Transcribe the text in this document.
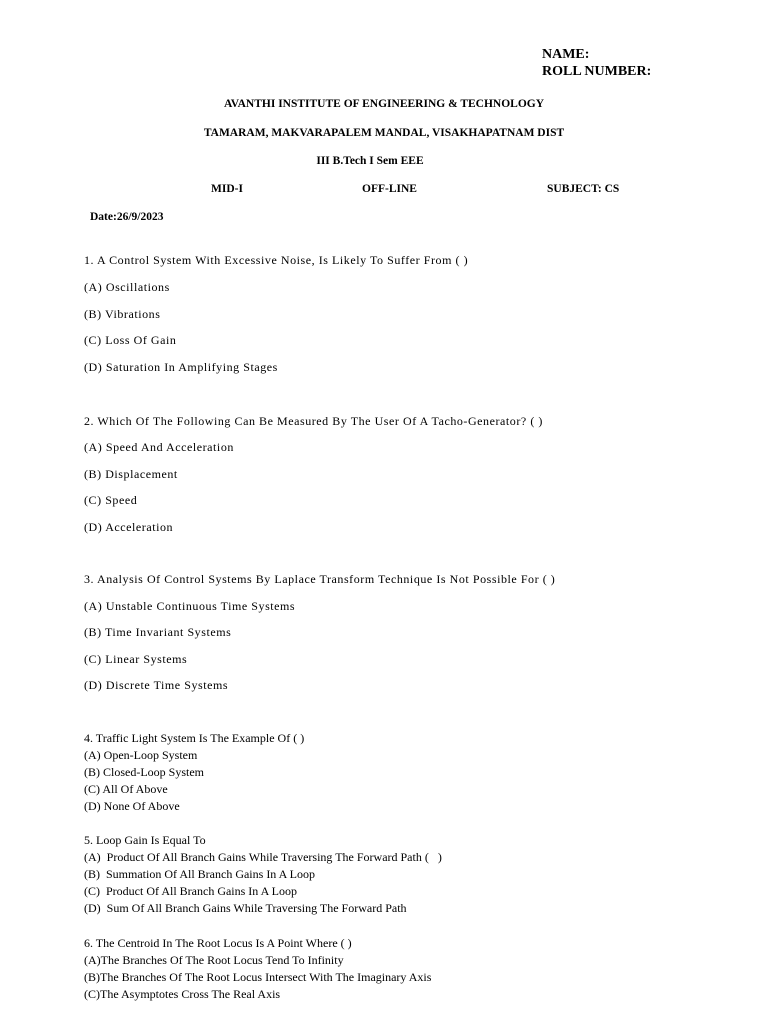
NAME:
ROLL NUMBER:
AVANTHI INSTITUTE OF ENGINEERING & TECHNOLOGY
TAMARAM, MAKVARAPALEM MANDAL, VISAKHAPATNAM DIST
III B.Tech I Sem EEE
MID-I	OFF-LINE	SUBJECT: CS
Date:26/9/2023
1. A Control System With Excessive Noise, Is Likely To Suffer From ( )
(A) Oscillations
(B) Vibrations
(C) Loss Of Gain
(D) Saturation In Amplifying Stages
2. Which Of The Following Can Be Measured By The User Of A Tacho-Generator? ( )
(A) Speed And Acceleration
(B) Displacement
(C) Speed
(D) Acceleration
3. Analysis Of Control Systems By Laplace Transform Technique Is Not Possible For ( )
(A) Unstable Continuous Time Systems
(B) Time Invariant Systems
(C) Linear Systems
(D) Discrete Time Systems
4. Traffic Light System Is The Example Of ( )
(A) Open-Loop System
(B) Closed-Loop System
(C) All Of Above
(D) None Of Above
5. Loop Gain Is Equal To
(A)  Product Of All Branch Gains While Traversing The Forward Path (   )
(B)  Summation Of All Branch Gains In A Loop
(C)  Product Of All Branch Gains In A Loop
(D)  Sum Of All Branch Gains While Traversing The Forward Path
6. The Centroid In The Root Locus Is A Point Where ( )
(A)The Branches Of The Root Locus Tend To Infinity
(B)The Branches Of The Root Locus Intersect With The Imaginary Axis
(C)The Asymptotes Cross The Real Axis
